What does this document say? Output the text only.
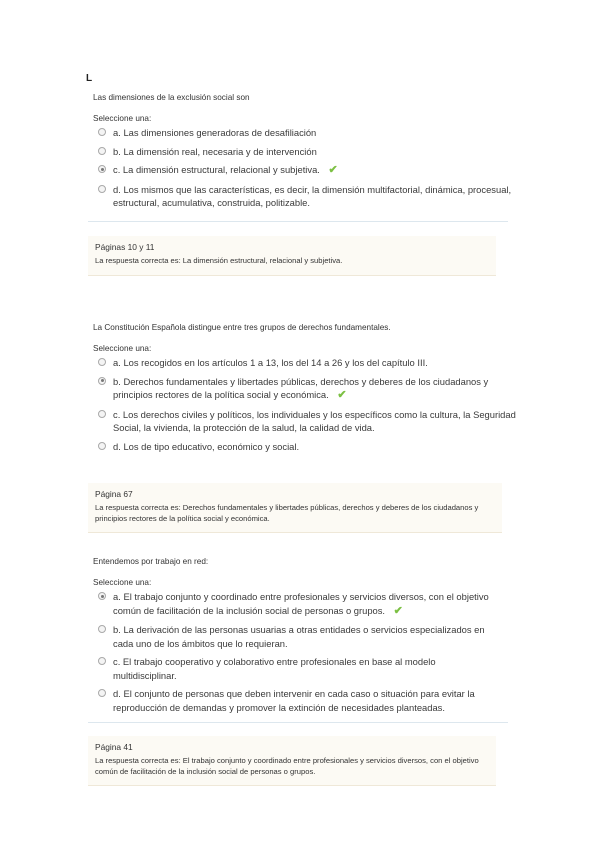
L

Las dimensiones de la exclusión social son

Seleccione una:
a. Las dimensiones generadoras de desafiliación
b. La dimensión real, necesaria y de intervención
c. La dimensión estructural, relacional y subjetiva. ✔
d. Los mismos que las características, es decir, la dimensión multifactorial, dinámica, procesual, estructural, acumulativa, construida, politizable.

Páginas 10 y 11

La respuesta correcta es: La dimensión estructural, relacional y subjetiva.

La Constitución Española distingue entre tres grupos de derechos fundamentales.

Seleccione una:
a. Los recogidos en los artículos 1 a 13, los del 14 a 26 y los del capítulo III.
b. Derechos fundamentales y libertades públicas, derechos y deberes de los ciudadanos y principios rectores de la política social y económica. ✔
c. Los derechos civiles y políticos, los individuales y los específicos como la cultura, la Seguridad Social, la vivienda, la protección de la salud, la calidad de vida.
d. Los de tipo educativo, económico y social.

Página 67

La respuesta correcta es: Derechos fundamentales y libertades públicas, derechos y deberes de los ciudadanos y principios rectores de la política social y económica.

Entendemos por trabajo en red:

Seleccione una:
a. El trabajo conjunto y coordinado entre profesionales y servicios diversos, con el objetivo común de facilitación de la inclusión social de personas o grupos. ✔
b. La derivación de las personas usuarias a otras entidades o servicios especializados en cada uno de los ámbitos que lo requieran.
c. El trabajo cooperativo y colaborativo entre profesionales en base al modelo multidisciplinar.
d. El conjunto de personas que deben intervenir en cada caso o situación para evitar la reproducción de demandas y promover la extinción de necesidades planteadas.

Página 41

La respuesta correcta es: El trabajo conjunto y coordinado entre profesionales y servicios diversos, con el objetivo común de facilitación de la inclusión social de personas o grupos.
